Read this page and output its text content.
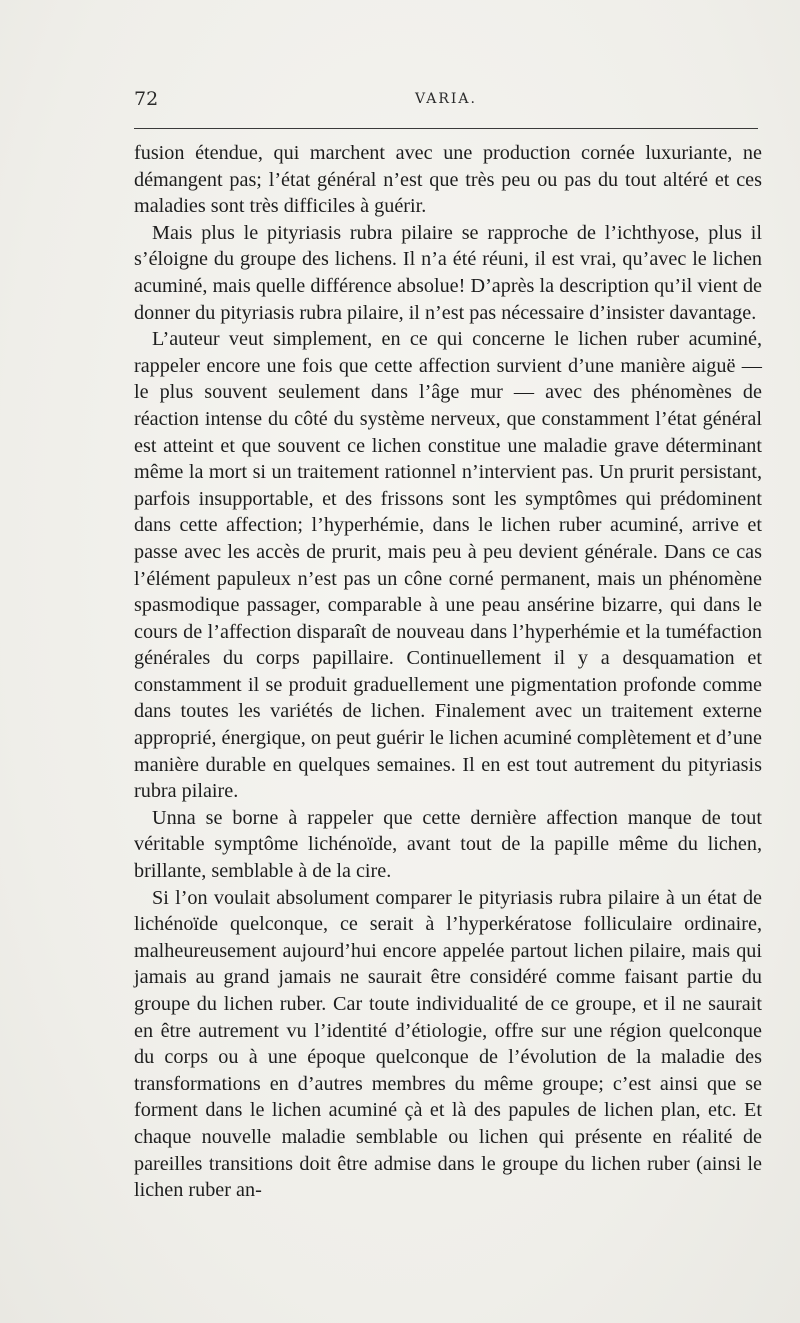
72	VARIA.

fusion étendue, qui marchent avec une production cornée luxuriante, ne démangent pas; l’état général n’est que très peu ou pas du tout altéré et ces maladies sont très difficiles à guérir.

Mais plus le pityriasis rubra pilaire se rapproche de l’ichthyose, plus il s’éloigne du groupe des lichens. Il n’a été réuni, il est vrai, qu’avec le lichen acuminé, mais quelle différence absolue! D’après la description qu’il vient de donner du pityriasis rubra pilaire, il n’est pas nécessaire d’insister davantage.

L’auteur veut simplement, en ce qui concerne le lichen ruber acuminé, rappeler encore une fois que cette affection survient d’une manière aiguë — le plus souvent seulement dans l’âge mur — avec des phénomènes de réaction intense du côté du système nerveux, que constamment l’état général est atteint et que souvent ce lichen constitue une maladie grave déterminant même la mort si un traitement rationnel n’intervient pas. Un prurit persistant, parfois insupportable, et des frissons sont les symptômes qui prédominent dans cette affection; l’hyperhémie, dans le lichen ruber acuminé, arrive et passe avec les accès de prurit, mais peu à peu devient générale. Dans ce cas l’élément papuleux n’est pas un cône corné permanent, mais un phénomène spasmodique passager, comparable à une peau ansérine bizarre, qui dans le cours de l’affection disparaît de nouveau dans l’hyperhémie et la tuméfaction générales du corps papillaire. Continuellement il y a desquamation et constamment il se produit graduellement une pigmentation profonde comme dans toutes les variétés de lichen. Finalement avec un traitement externe approprié, énergique, on peut guérir le lichen acuminé complètement et d’une manière durable en quelques semaines. Il en est tout autrement du pityriasis rubra pilaire.

Unna se borne à rappeler que cette dernière affection manque de tout véritable symptôme lichénoïde, avant tout de la papille même du lichen, brillante, semblable à de la cire.

Si l’on voulait absolument comparer le pityriasis rubra pilaire à un état de lichénoïde quelconque, ce serait à l’hyperkératose folliculaire ordinaire, malheureusement aujourd’hui encore appelée partout lichen pilaire, mais qui jamais au grand jamais ne saurait être considéré comme faisant partie du groupe du lichen ruber. Car toute individualité de ce groupe, et il ne saurait en être autrement vu l’identité d’étiologie, offre sur une région quelconque du corps ou à une époque quelconque de l’évolution de la maladie des transformations en d’autres membres du même groupe; c’est ainsi que se forment dans le lichen acuminé çà et là des papules de lichen plan, etc. Et chaque nouvelle maladie semblable ou lichen qui présente en réalité de pareilles transitions doit être admise dans le groupe du lichen ruber (ainsi le lichen ruber an-
